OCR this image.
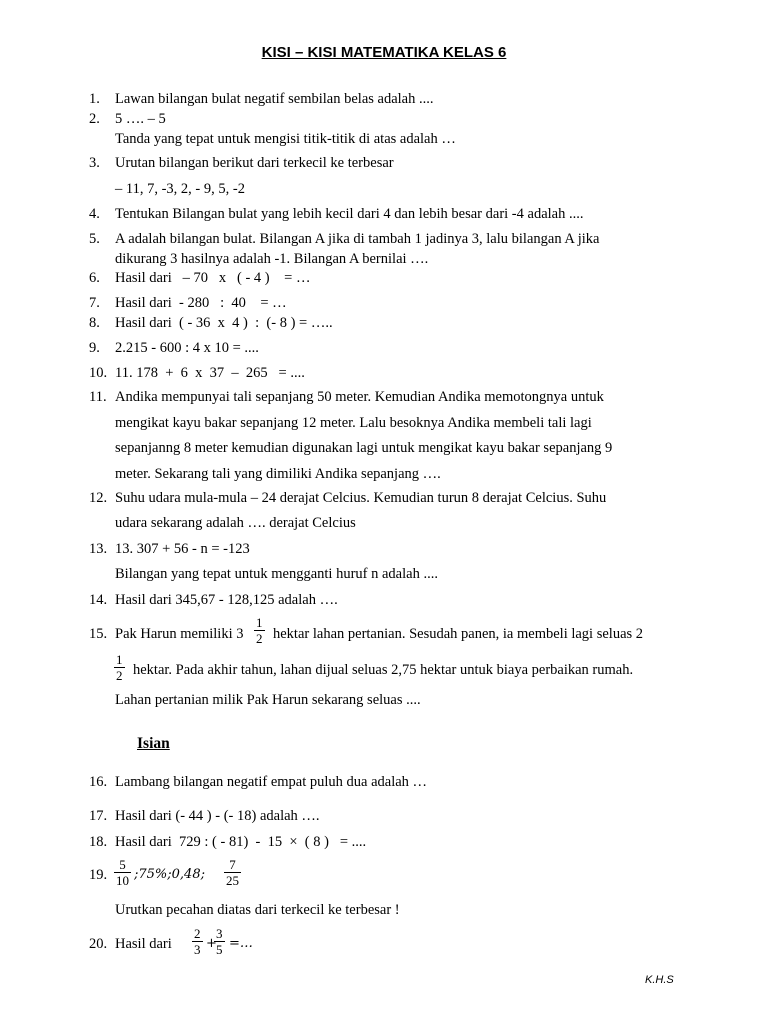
KISI – KISI MATEMATIKA KELAS 6
1. Lawan bilangan bulat negatif sembilan belas adalah ....
2. 5 …. – 5
Tanda yang tepat untuk mengisi titik-titik di atas adalah …
3. Urutan bilangan berikut dari terkecil ke terbesar
– 11, 7, -3, 2, - 9, 5, -2
4. Tentukan Bilangan bulat yang lebih kecil dari 4 dan lebih besar dari -4 adalah ....
5. A adalah bilangan bulat. Bilangan A jika di tambah 1 jadinya 3, lalu bilangan A jika
dikurang 3 hasilnya adalah -1. Bilangan A bernilai ….
6. Hasil dari   – 70   x   ( - 4 )    = …
7. Hasil dari  - 280   :  40    = …
8. Hasil dari  ( - 36  x  4 )  :  (- 8 ) = …..
9. 2.215 - 600 : 4 x 10 = ....
10. 11. 178  +  6  x  37  –  265   = ....
11. Andika mempunyai tali sepanjang 50 meter. Kemudian Andika memotongnya untuk
mengikat kayu bakar sepanjang 12 meter. Lalu besoknya Andika membeli tali lagi
sepanjanng 8 meter kemudian digunakan lagi untuk mengikat kayu bakar sepanjang 9
meter. Sekarang tali yang dimiliki Andika sepanjang ….
12. Suhu udara mula-mula – 24 derajat Celcius. Kemudian turun 8 derajat Celcius. Suhu
udara sekarang adalah …. derajat Celcius
13. 13. 307 + 56 - n = -123
Bilangan yang tepat untuk mengganti huruf n adalah ....
14. Hasil dari 345,67 - 128,125 adalah ….
15. Pak Harun memiliki 3
1
2 hektar lahan pertanian. Sesudah panen, ia membeli lagi seluas 2
1
2 hektar. Pada akhir tahun, lahan dijual seluas 2,75 hektar untuk biaya perbaikan rumah.
Lahan pertanian milik Pak Harun sekarang seluas ....
Isian
16. Lambang bilangan negatif empat puluh dua adalah …
17. Hasil dari (- 44 ) - (- 18) adalah ….
18. Hasil dari  729 : ( - 81)  -  15  ×  ( 8 )   = ....
19.
5
10 ;75%;0,48;
7
25
Urutkan pecahan diatas dari terkecil ke terbesar !
20. Hasil dari
2
3 +
3
5 =…
K.H.S
